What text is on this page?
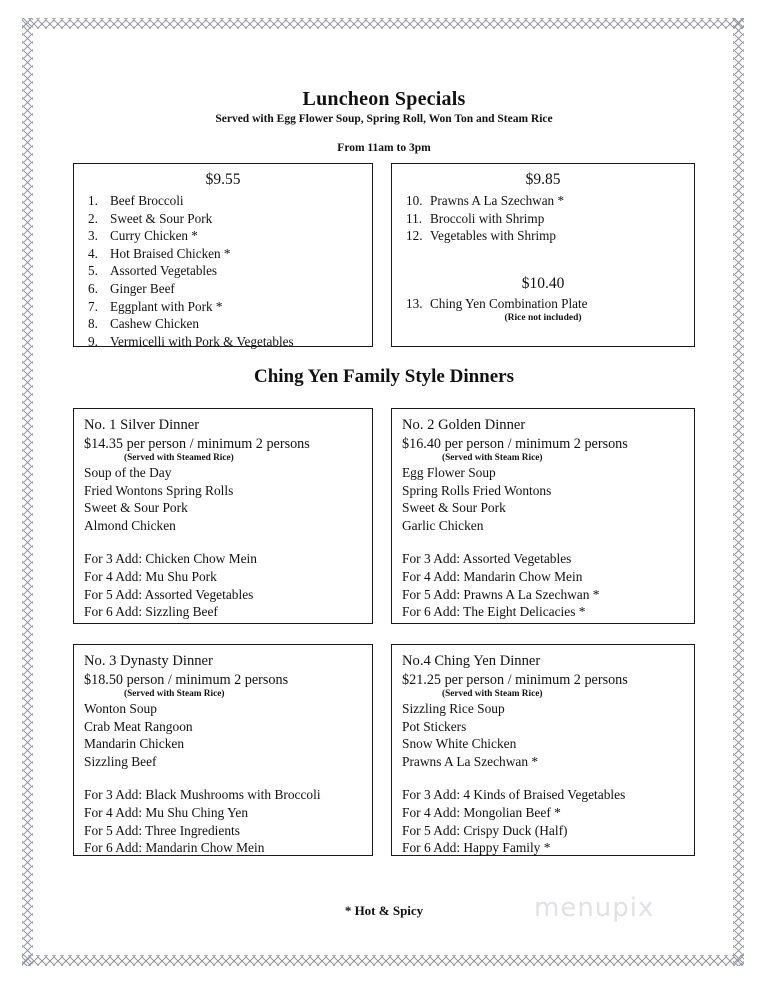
Luncheon Specials
Served with Egg Flower Soup, Spring Roll, Won Ton and Steam Rice
From 11am to 3pm
$9.55
1. Beef Broccoli
2. Sweet & Sour Pork
3. Curry Chicken *
4. Hot Braised Chicken *
5. Assorted Vegetables
6. Ginger Beef
7. Eggplant with Pork *
8. Cashew Chicken
9. Vermicelli with Pork & Vegetables
$9.85
10. Prawns A La Szechwan *
11. Broccoli with Shrimp
12. Vegetables with Shrimp
$10.40
13. Ching Yen Combination Plate
(Rice not included)
Ching Yen Family Style Dinners
No. 1 Silver Dinner
$14.35 per person / minimum 2 persons
(Served with Steamed Rice)
Soup of the Day
Fried Wontons Spring Rolls
Sweet & Sour Pork
Almond Chicken
For 3 Add: Chicken Chow Mein
For 4 Add: Mu Shu Pork
For 5 Add: Assorted Vegetables
For 6 Add: Sizzling Beef
No. 2 Golden Dinner
$16.40 per person / minimum 2 persons
(Served with Steam Rice)
Egg Flower Soup
Spring Rolls Fried Wontons
Sweet & Sour Pork
Garlic Chicken
For 3 Add: Assorted Vegetables
For 4 Add: Mandarin Chow Mein
For 5 Add: Prawns A La Szechwan *
For 6 Add: The Eight Delicacies *
No. 3 Dynasty Dinner
$18.50 person / minimum 2 persons
(Served with Steam Rice)
Wonton Soup
Crab Meat Rangoon
Mandarin Chicken
Sizzling Beef
For 3 Add: Black Mushrooms with Broccoli
For 4 Add: Mu Shu Ching Yen
For 5 Add: Three Ingredients
For 6 Add: Mandarin Chow Mein
No.4 Ching Yen Dinner
$21.25 per person / minimum 2 persons
(Served with Steam Rice)
Sizzling Rice Soup
Pot Stickers
Snow White Chicken
Prawns A La Szechwan *
For 3 Add: 4 Kinds of Braised Vegetables
For 4 Add: Mongolian Beef *
For 5 Add: Crispy Duck (Half)
For 6 Add: Happy Family *
* Hot & Spicy	menupix
